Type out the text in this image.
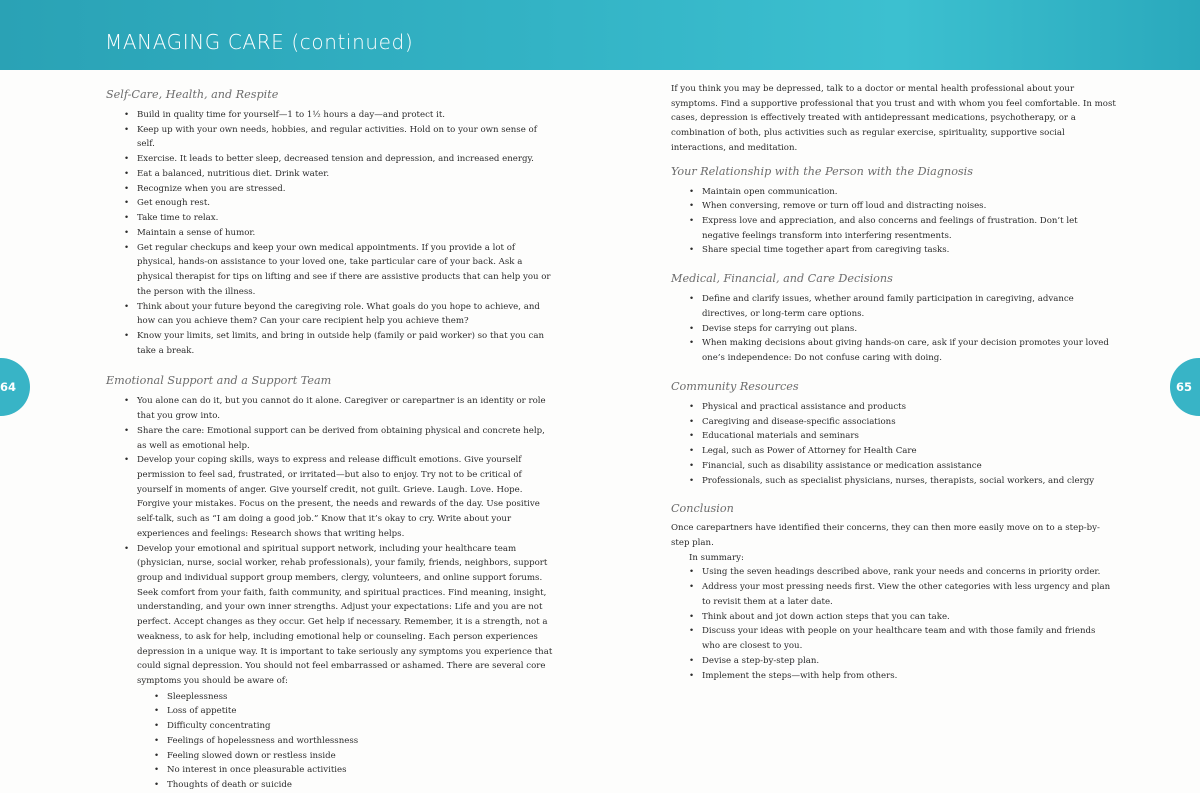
MANAGING CARE (continued)
64	65
Self-Care, Health, and Respite
• Build in quality time for yourself—1 to 1½ hours a day—and protect it.
• Keep up with your own needs, hobbies, and regular activities. Hold on to your own sense of self.
• Exercise. It leads to better sleep, decreased tension and depression, and increased energy.
• Eat a balanced, nutritious diet. Drink water.
• Recognize when you are stressed.
• Get enough rest.
• Take time to relax.
• Maintain a sense of humor.
• Get regular checkups and keep your own medical appointments. If you provide a lot of physical, hands-on assistance to your loved one, take particular care of your back. Ask a physical therapist for tips on lifting and see if there are assistive products that can help you or the person with the illness.
• Think about your future beyond the caregiving role. What goals do you hope to achieve, and how can you achieve them? Can your care recipient help you achieve them?
• Know your limits, set limits, and bring in outside help (family or paid worker) so that you can take a break.
Emotional Support and a Support Team
• You alone can do it, but you cannot do it alone. Caregiver or carepartner is an identity or role that you grow into.
• Share the care: Emotional support can be derived from obtaining physical and concrete help, as well as emotional help.
• Develop your coping skills, ways to express and release difficult emotions. Give yourself permission to feel sad, frustrated, or irritated—but also to enjoy. Try not to be critical of yourself in moments of anger. Give yourself credit, not guilt. Grieve. Laugh. Love. Hope. Forgive your mistakes. Focus on the present, the needs and rewards of the day. Use positive self-talk, such as “I am doing a good job.” Know that it’s okay to cry. Write about your experiences and feelings: Research shows that writing helps.
• Develop your emotional and spiritual support network, including your healthcare team (physician, nurse, social worker, rehab professionals), your family, friends, neighbors, support group and individual support group members, clergy, volunteers, and online support forums. Seek comfort from your faith, faith community, and spiritual practices. Find meaning, insight, understanding, and your own inner strengths. Adjust your expectations: Life and you are not perfect. Accept changes as they occur. Get help if necessary. Remember, it is a strength, not a weakness, to ask for help, including emotional help or counseling. Each person experiences depression in a unique way. It is important to take seriously any symptoms you experience that could signal depression. You should not feel embarrassed or ashamed. There are several core symptoms you should be aware of:
• Sleeplessness
• Loss of appetite
• Difficulty concentrating
• Feelings of hopelessness and worthlessness
• Feeling slowed down or restless inside
• No interest in once pleasurable activities
• Thoughts of death or suicide

If you think you may be depressed, talk to a doctor or mental health professional about your symptoms. Find a supportive professional that you trust and with whom you feel comfortable. In most cases, depression is effectively treated with antidepressant medications, psychotherapy, or a combination of both, plus activities such as regular exercise, spirituality, supportive social interactions, and meditation.

Your Relationship with the Person with the Diagnosis
• Maintain open communication.
• When conversing, remove or turn off loud and distracting noises.
• Express love and appreciation, and also concerns and feelings of frustration. Don’t let negative feelings transform into interfering resentments.
• Share special time together apart from caregiving tasks.
Medical, Financial, and Care Decisions
• Define and clarify issues, whether around family participation in caregiving, advance directives, or long-term care options.
• Devise steps for carrying out plans.
• When making decisions about giving hands-on care, ask if your decision promotes your loved one’s independence: Do not confuse caring with doing.
Community Resources
• Physical and practical assistance and products
• Caregiving and disease-specific associations
• Educational materials and seminars
• Legal, such as Power of Attorney for Health Care
• Financial, such as disability assistance or medication assistance
• Professionals, such as specialist physicians, nurses, therapists, social workers, and clergy
Conclusion

Once carepartners have identified their concerns, they can then more easily move on to a step-by-step plan.

In summary:

• Using the seven headings described above, rank your needs and concerns in priority order.
• Address your most pressing needs first. View the other categories with less urgency and plan to revisit them at a later date.
• Think about and jot down action steps that you can take.
• Discuss your ideas with people on your healthcare team and with those family and friends who are closest to you.
• Devise a step-by-step plan.
• Implement the steps—with help from others.
